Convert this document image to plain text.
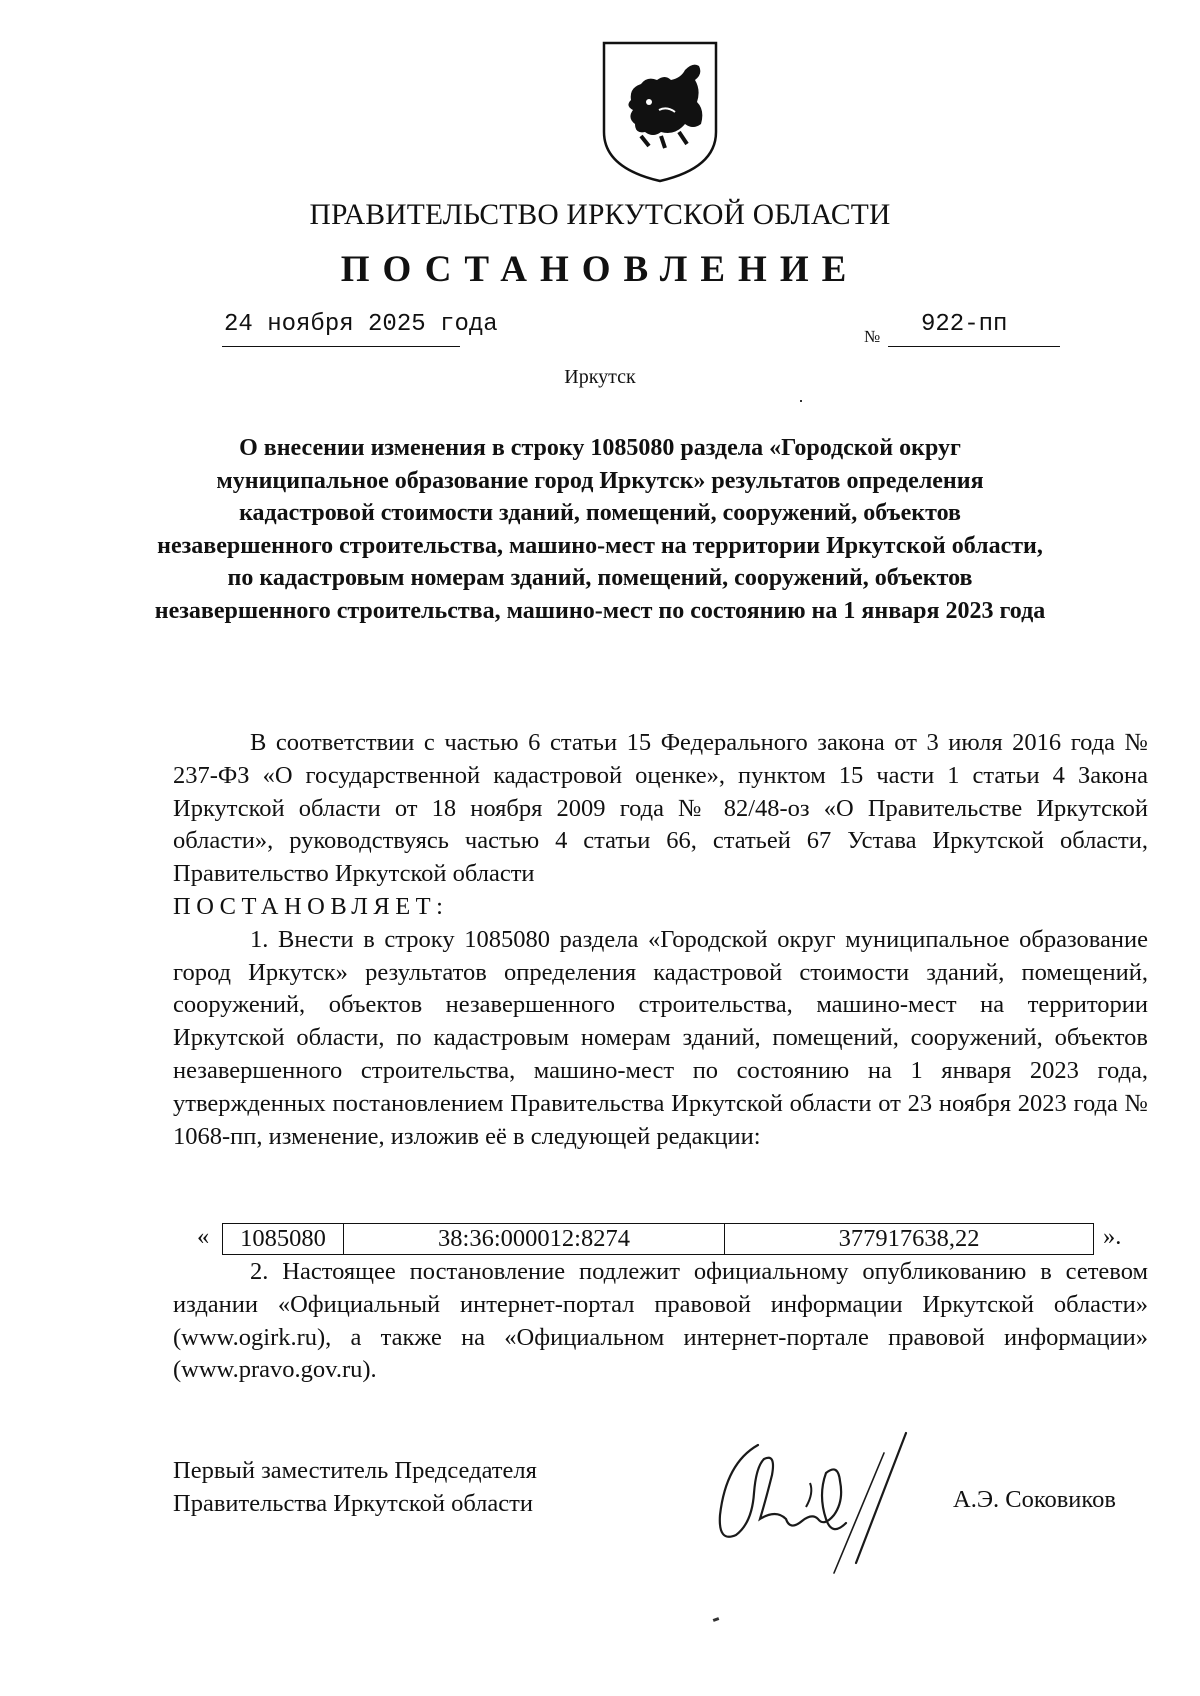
ПРАВИТЕЛЬСТВО ИРКУТСКОЙ ОБЛАСТИ
ПОСТАНОВЛЕНИЕ
24 ноября 2025 года	№ 922-пп
Иркутск
О внесении изменения в строку 1085080 раздела «Городской округ муниципальное образование город Иркутск» результатов определения кадастровой стоимости зданий, помещений, сооружений, объектов незавершенного строительства, машино-мест на территории Иркутской области, по кадастровым номерам зданий, помещений, сооружений, объектов незавершенного строительства, машино-мест по состоянию на 1 января 2023 года

В соответствии с частью 6 статьи 15 Федерального закона от 3 июля 2016 года № 237-ФЗ «О государственной кадастровой оценке», пунктом 15 части 1 статьи 4 Закона Иркутской области от 18 ноября 2009 года № 82/48-оз «О Правительстве Иркутской области», руководствуясь частью 4 статьи 66, статьей 67 Устава Иркутской области, Правительство Иркутской области

ПОСТАНОВЛЯЕТ:

1. Внести в строку 1085080 раздела «Городской округ муниципальное образование город Иркутск» результатов определения кадастровой стоимости зданий, помещений, сооружений, объектов незавершенного строительства, машино-мест на территории Иркутской области, по кадастровым номерам зданий, помещений, сооружений, объектов незавершенного строительства, машино-мест по состоянию на 1 января 2023 года, утвержденных постановлением Правительства Иркутской области от 23 ноября 2023 года № 1068-пп, изменение, изложив её в следующей редакции:

«	1085080	38:36:000012:8274	377917638,22	».

2. Настоящее постановление подлежит официальному опубликованию в сетевом издании «Официальный интернет-портал правовой информации Иркутской области» (www.ogirk.ru), а также на «Официальном интернет-портале правовой информации» (www.pravo.gov.ru).

Первый заместитель Председателя
Правительства Иркутской области	А.Э. Соковиков
